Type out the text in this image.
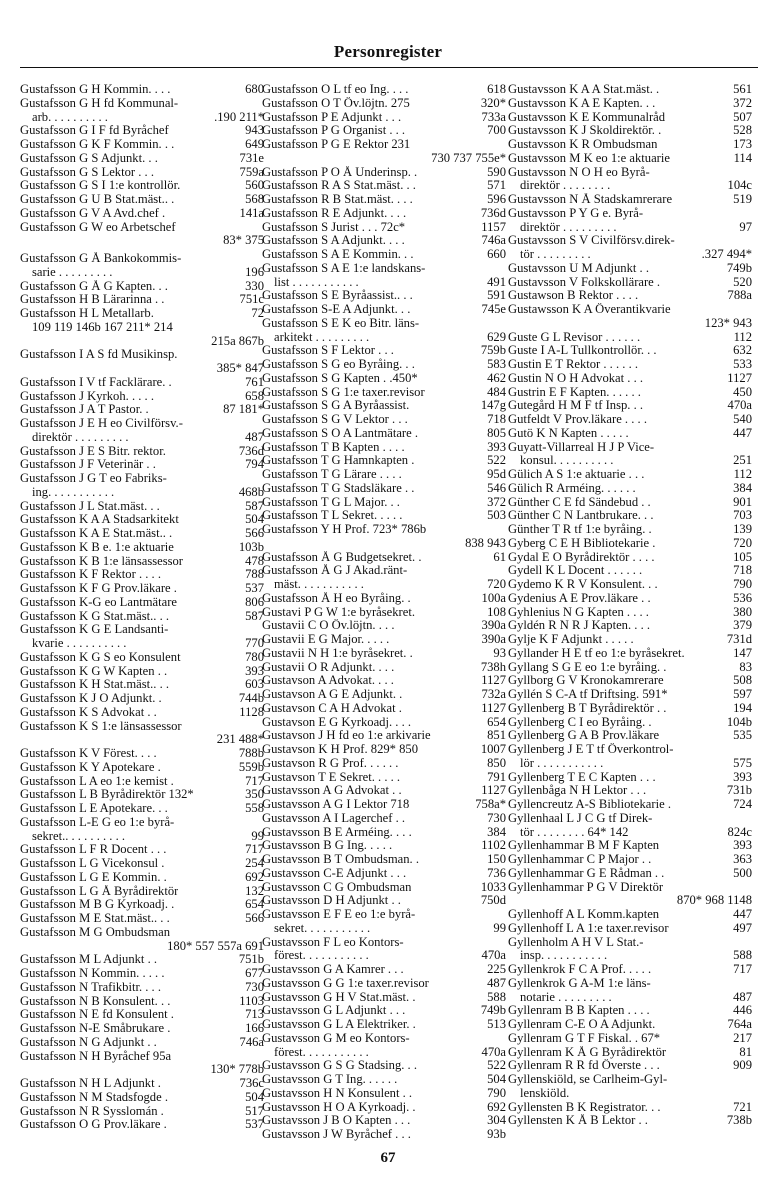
Personregister
Gustafsson G H Kommin. . . .	680
Gustafsson G H fd Kommunal-
arb. . . . . . . . . .	.190 211*
Gustafsson G I F fd Byråchef	943
Gustafsson G K F Kommin. . .	649
Gustafsson G S Adjunkt. . .	731e
Gustafsson G S Lektor . . .	759a
Gustafsson G S I 1:e kontrollör.	560
Gustafsson G U B Stat.mäst.. .	568
Gustafsson G V A Avd.chef .	141a
Gustafsson G W eo Arbetschef
83* 375
Gustafsson G Å Bankokommis-
sarie . . . . . . . . .	196
Gustafsson G Å G Kapten. . .	330
Gustafsson H B Lärarinna . .	751c
Gustafsson H L Metallarb.	72
109 119 146b 167 211* 214
215a 867b
Gustafsson I A S fd Musikinsp.
385* 847
Gustafsson I V tf Facklärare. .	761
Gustafsson J Kyrkoh. . . . .	658
Gustafsson J A T Pastor. .	87 181*
Gustafsson J E H eo Civilförsv.-
direktör . . . . . . . . .	487
Gustafsson J E S Bitr. rektor.	736d
Gustafsson J F Veterinär . .	794
Gustafsson J G T eo Fabriks-
ing. . . . . . . . . . .	468b
Gustafsson J L Stat.mäst. . .	587
Gustafsson K A A Stadsarkitekt	504
Gustafsson K A E Stat.mäst.. .	566
Gustafsson K B e. 1:e aktuarie	103b
Gustafsson K B 1:e länsassessor	478
Gustafsson K F Rektor . . . .	788
Gustafsson K F G Prov.läkare .	537
Gustafsson K-G eo Lantmätare	806
Gustafsson K G Stat.mäst.. . .	587
Gustafsson K G E Landsanti-
kvarie . . . . . . . . . .	770
Gustafsson K G S eo Konsulent	780
Gustafsson K G W Kapten . .	393
Gustafsson K H Stat.mäst.. . .	603
Gustafsson K J O Adjunkt. .	744b
Gustafsson K S Advokat . .	1128
Gustafsson K S 1:e länsassessor
231 488*
Gustafsson K V Förest. . . .	788b
Gustafsson K Y Apotekare .	559b
Gustafsson L A eo 1:e kemist .	717
Gustafsson L B Byrådirektör 132*	350
Gustafsson L E Apotekare. . .	558
Gustafsson L-E G eo 1:e byrå-
sekret.. . . . . . . . . .	99
Gustafsson L F R Docent . . .	717
Gustafsson L G Vicekonsul .	254
Gustafsson L G E Kommin. .	692
Gustafsson L G Å Byrådirektör	132
Gustafsson M B G Kyrkoadj. .	654
Gustafsson M E Stat.mäst.. . .	566
Gustafsson M G Ombudsman
180* 557 557a 691
Gustafsson M L Adjunkt . .	751b
Gustafsson N Kommin. . . . .	677
Gustafsson N Trafikbitr. . . .	730
Gustafsson N B Konsulent. . .	1103
Gustafsson N E fd Konsulent .	713
Gustafsson N-E Småbrukare .	166
Gustafsson N G Adjunkt . .	746a
Gustafsson N H Byråchef 95a
130* 778b
Gustafsson N H L Adjunkt .	736c
Gustafsson N M Stadsfogde .	504
Gustafsson N R Sysslomán .	517
Gustafsson O G Prov.läkare .	537
Gustafsson O L tf eo Ing. . . .	618
Gustafsson O T Öv.löjtn. 275	320*
Gustafsson P E Adjunkt . . .	733a
Gustafsson P G Organist . . .	700
Gustafsson P G E Rektor 231
730 737 755e*
Gustafsson P O Å Underinsp. .	590
Gustafsson R A S Stat.mäst. . .	571
Gustafsson R B Stat.mäst. . . .	596
Gustafsson R E Adjunkt. . . .	736d
Gustafsson S Jurist . . . 72c*	1157
Gustafsson S A Adjunkt. . . .	746a
Gustafsson S A E Kommin. . .	660
Gustafsson S A E 1:e landskans-
list . . . . . . . . . . .	491
Gustafsson S E Byråassist.. . .	591
Gustafsson S-E A Adjunkt. . .	745e
Gustafsson S E K eo Bitr. läns-
arkitekt . . . . . . . . .	629
Gustafsson S F Lektor . . .	759b
Gustafsson S G eo Byråing. . .	583
Gustafsson S G Kapten . .450*	462
Gustafsson S G 1:e taxer.revisor	484
Gustafsson S G A Byråassist.	147g
Gustafsson S G V Lektor . . .	718
Gustafsson S O A Lantmätare .	805
Gustafsson T B Kapten . . . .	393
Gustafsson T G Hamnkapten .	522
Gustafsson T G Lärare . . . .	95d
Gustafsson T G Stadsläkare . .	546
Gustafsson T G L Major. . .	372
Gustafsson T L Sekret. . . . .	503
Gustafsson Y H Prof. 723* 786b
838 943
Gustafsson Å G Budgetsekret. .	61
Gustafsson Å G J Akad.ränt-
mäst. . . . . . . . . . .	720
Gustafsson Å H eo Byråing. .	100a
Gustavi P G W 1:e byråsekret.	108
Gustavii C O Öv.löjtn. . . .	390a
Gustavii E G Major. . . . .	390a
Gustavii N H 1:e byråsekret. .	93
Gustavii O R Adjunkt. . . .	738h
Gustavson A Advokat. . . .	1127
Gustavson A G E Adjunkt. .	732a
Gustavson C A H Advokat .	1127
Gustavson E G Kyrkoadj. . . .	654
Gustavson J H fd eo 1:e arkivarie	851
Gustavson K H Prof. 829* 850	1007
Gustavson R G Prof. . . . . .	850
Gustavson T E Sekret. . . . .	791
Gustavsson A G Advokat . .	1127
Gustavsson A G I Lektor 718	758a*
Gustavsson A I Lagerchef . .	730
Gustavsson B E Arméing. . . .	384
Gustavsson B G Ing. . . . .	1102
Gustavsson B T Ombudsman. .	150
Gustavsson C-E Adjunkt . . .	736
Gustavsson C G Ombudsman	1033
Gustavsson D H Adjunkt . .	750d
Gustavsson E F E eo 1:e byrå-
sekret. . . . . . . . . . .	99
Gustavsson F L eo Kontors-
förest. . . . . . . . . . .	470a
Gustavsson G A Kamrer . . .	225
Gustavsson G G 1:e taxer.revisor	487
Gustavsson G H V Stat.mäst. .	588
Gustavsson G L Adjunkt . . .	749b
Gustavsson G L A Elektriker. .	513
Gustavsson G M eo Kontors-
förest. . . . . . . . . . .	470a
Gustavsson G S G Stadsing. . .	522
Gustavsson G T Ing. . . . . .	504
Gustavsson H N Konsulent . .	790
Gustavsson H O A Kyrkoadj. .	692
Gustavsson J B O Kapten . . .	304
Gustavsson J W Byråchef . . .	93b
Gustavsson K A A Stat.mäst. .	561
Gustavsson K A E Kapten. . .	372
Gustavsson K E Kommunalråd	507
Gustavsson K J Skoldirektör. .	528
Gustavsson K R Ombudsman	173
Gustavsson M K eo 1:e aktuarie	114
Gustavsson N O H eo Byrå-
direktör . . . . . . . .	104c
Gustavsson N Å Stadskamrerare	519
Gustavsson P Y G e. Byrå-
direktör . . . . . . . . .	97
Gustavsson S V Civilförsv.direk-
tör . . . . . . . . .	.327 494*
Gustavsson U M Adjunkt . .	749b
Gustavsson V Folkskollärare .	520
Gustawson B Rektor . . . .	788a
Gustawsson K A Överantikvarie
123* 943
Guste G L Revisor . . . . . .	112
Guste I A-L Tullkontrollör. . .	632
Gustin E T Rektor . . . . . .	533
Gustin N O H Advokat . . .	1127
Gustrin E F Kapten. . . . . .	450
Gutegård H M F tf Insp. . .	470a
Gutfeldt V Prov.läkare . . . .	540
Gutö K N Kapten . . . . .	447
Guyatt-Villarreal H J P Vice-
konsul. . . . . . . . . .	251
Gülich A S 1:e aktuarie . . .	112
Gülich R Arméing. . . . . .	384
Günther C E fd Sändebud . .	901
Günther C N Lantbrukare. . .	703
Günther T R tf 1:e byråing. .	139
Gyberg C E H Bibliotekarie .	720
Gydal E O Byrådirektör . . . .	105
Gydell K L Docent . . . . . .	718
Gydemo K R V Konsulent. . .	790
Gydenius A E Prov.läkare . .	536
Gyhlenius N G Kapten . . . .	380
Gyldén R N R J Kapten. . . .	379
Gylje K F Adjunkt . . . . .	731d
Gyllander H E tf eo 1:e byråsekret.	147
Gyllang S G E eo 1:e byråing. .	83
Gyllborg G V Kronokamrerare	508
Gyllén S C-A tf Driftsing. 591*	597
Gyllenberg B T Byrådirektör . .	194
Gyllenberg C I eo Byråing. .	104b
Gyllenberg G A B Prov.läkare	535
Gyllenberg J E T tf Överkontrol-
lör . . . . . . . . . . .	575
Gyllenberg T E C Kapten . . .	393
Gyllenbåga N H Lektor . . .	731b
Gyllencreutz A-S Bibliotekarie .	724
Gyllenhaal L J C G tf Direk-
tör . . . . . . . . 64* 142	824c
Gyllenhammar B M F Kapten	393
Gyllenhammar C P Major . .	363
Gyllenhammar G E Rådman . .	500
Gyllenhammar P G V Direktör
870* 968 1148
Gyllenhoff A L Komm.kapten	447
Gyllenhoff L A 1:e taxer.revisor	497
Gyllenholm A H V L Stat.-
insp. . . . . . . . . . .	588
Gyllenkrok F C A Prof. . . . .	717
Gyllenkrok G A-M 1:e läns-
notarie . . . . . . . . .	487
Gyllenram B B Kapten . . . .	446
Gyllenram C-E O A Adjunkt.	764a
Gyllenram G T F Fiskal. . 67*	217
Gyllenram K Å G Byrådirektör	81
Gyllenram R R fd Överste . . .	909
Gyllenskiöld, se Carlheim-Gyl-
lenskiöld.
Gyllensten B K Registrator. . .	721
Gyllensten K Å B Lektor . .	738b
67
